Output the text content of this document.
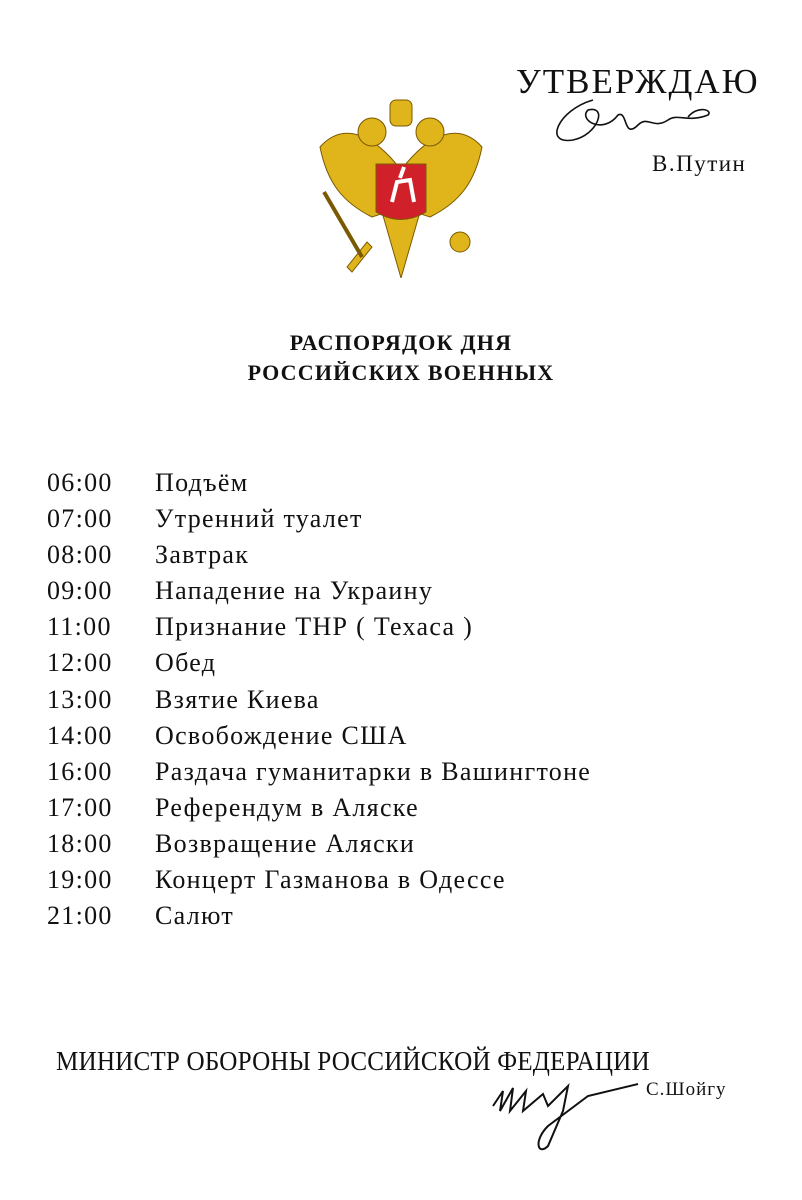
УТВЕРЖДАЮ
В.Путин
РАСПОРЯДОК ДНЯ
РОССИЙСКИХ ВОЕННЫХ
06:00 Подъём
07:00 Утренний туалет
08:00 Завтрак
09:00 Нападение на Украину
11:00 Признание ТНР ( Техаса )
12:00 Обед
13:00 Взятие Киева
14:00 Освобождение США
16:00 Раздача гуманитарки в Вашингтоне
17:00 Референдум в Аляске
18:00 Возвращение Аляски
19:00 Концерт Газманова в Одессе
21:00 Салют
МИНИСТР ОБОРОНЫ РОССИЙСКОЙ ФЕДЕРАЦИИ
С.Шойгу
